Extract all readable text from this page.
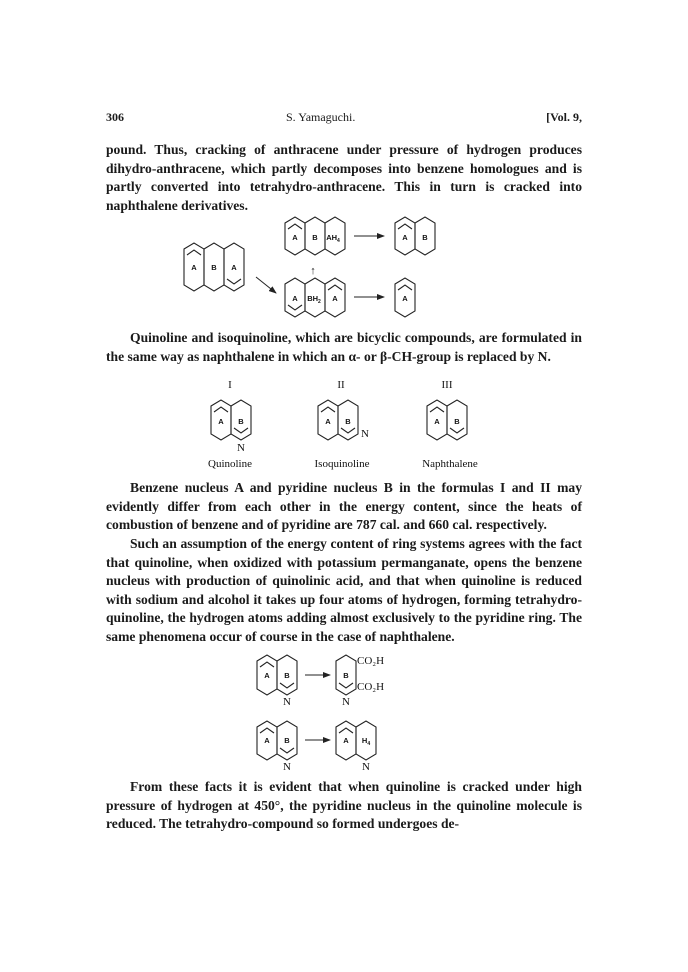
306	S. Yamaguchi.	[Vol. 9,

pound. Thus, cracking of anthracene under pressure of hydrogen produces dihydro-anthracene, which partly decomposes into benzene homologues and is partly converted into tetrahydro-anthracene. This in turn is cracked into naphthalene derivatives.

A B A
A B $AH_4$	A B
↑
A $BH_2$ A	A

Quinoline and isoquinoline, which are bicyclic compounds, are formulated in the same way as naphthalene in which an α- or β-CH-group is replaced by N.

I	II	III
A B
N
Quinoline
A B
N
Isoquinoline
A B
Naphthalene

Benzene nucleus A and pyridine nucleus B in the formulas I and II may evidently differ from each other in the energy content, since the heats of combustion of benzene and of pyridine are 787 cal. and 660 cal. respectively.

Such an assumption of the energy content of ring systems agrees with the fact that quinoline, when oxidized with potassium permanganate, opens the benzene nucleus with production of quinolinic acid, and that when quinoline is reduced with sodium and alcohol it takes up four atoms of hydrogen, forming tetrahydro-quinoline, the hydrogen atoms adding almost exclusively to the pyridine ring. The same phenomena occur of course in the case of naphthalene.

A B
N
B
CO₂H
CO₂H
N
A B
N
A $H_4$
N

From these facts it is evident that when quinoline is cracked under high pressure of hydrogen at 450°, the pyridine nucleus in the quinoline molecule is reduced. The tetrahydro-compound so formed undergoes de-
